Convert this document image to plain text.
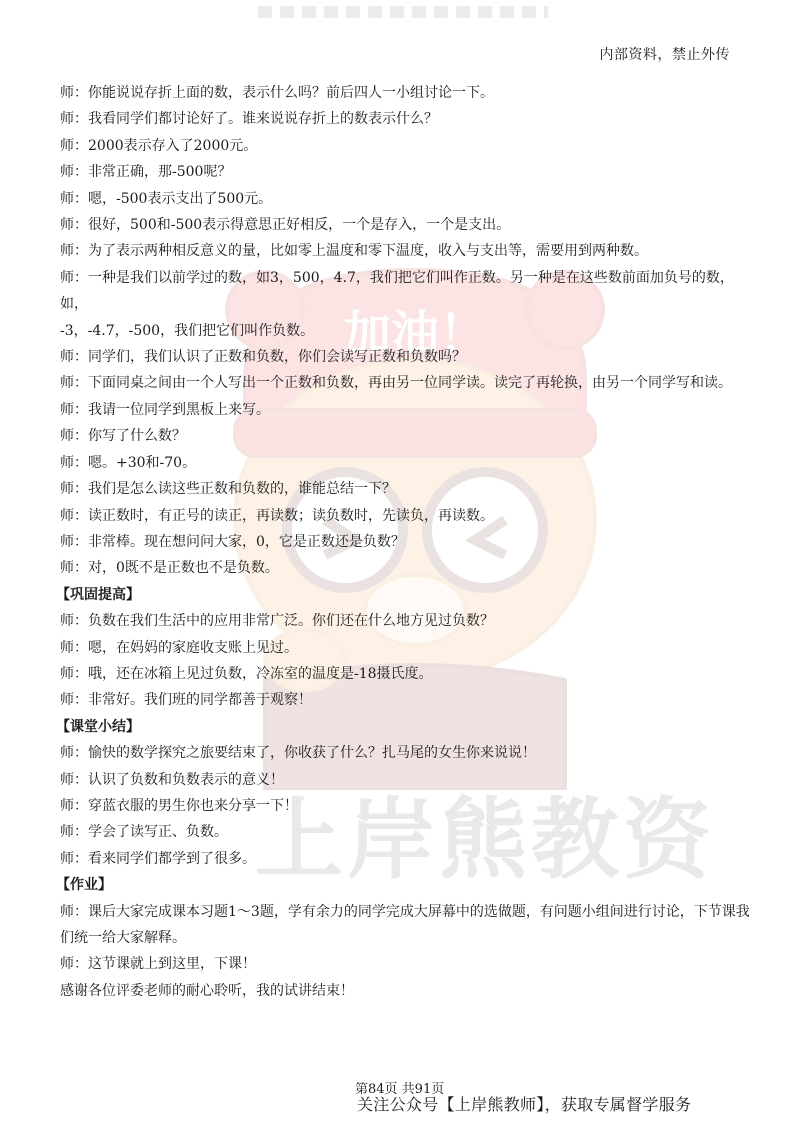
内部资料，禁止外传
加油！
上岸熊教资
师：你能说说存折上面的数，表示什么吗？前后四人一小组讨论一下。
师：我看同学们都讨论好了。谁来说说存折上的数表示什么？
师：2000表示存入了2000元。
师：非常正确，那-500呢？
师：嗯，-500表示支出了500元。
师：很好，500和-500表示得意思正好相反，一个是存入，一个是支出。
师：为了表示两种相反意义的量，比如零上温度和零下温度，收入与支出等，需要用到两种数。
师：一种是我们以前学过的数，如3，500，4.7，我们把它们叫作正数。另一种是在这些数前面加负号的数，如，
-3，-4.7，-500，我们把它们叫作负数。
师：同学们，我们认识了正数和负数，你们会读写正数和负数吗？
师：下面同桌之间由一个人写出一个正数和负数，再由另一位同学读。读完了再轮换，由另一个同学写和读。
师：我请一位同学到黑板上来写。
师：你写了什么数？
师：嗯。+30和-70。
师：我们是怎么读这些正数和负数的，谁能总结一下？
师：读正数时，有正号的读正，再读数；读负数时，先读负，再读数。
师：非常棒。现在想问问大家，0，它是正数还是负数？
师：对，0既不是正数也不是负数。
【巩固提高】
师：负数在我们生活中的应用非常广泛。你们还在什么地方见过负数？
师：嗯，在妈妈的家庭收支账上见过。
师：哦，还在冰箱上见过负数，冷冻室的温度是-18摄氏度。
师：非常好。我们班的同学都善于观察！
【课堂小结】
师：愉快的数学探究之旅要结束了，你收获了什么？扎马尾的女生你来说说！
师：认识了负数和负数表示的意义！
师：穿蓝衣服的男生你也来分享一下！
师：学会了读写正、负数。
师：看来同学们都学到了很多。
【作业】
师：课后大家完成课本习题1～3题，学有余力的同学完成大屏幕中的选做题，有问题小组间进行讨论，下节课我
们统一给大家解释。
师：这节课就上到这里，下课！
感谢各位评委老师的耐心聆听，我的试讲结束！
第84页 共91页
关注公众号【上岸熊教师】，获取专属督学服务
